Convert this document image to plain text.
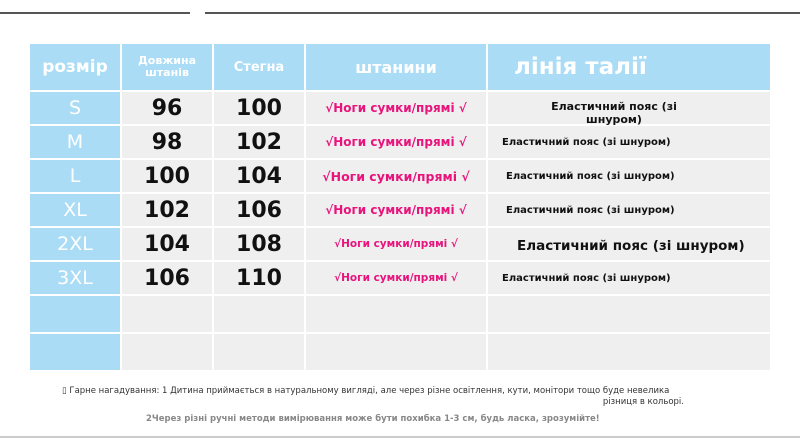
розмір	Довжина штанів	Стегна	штанини	лінія талії
S	96	100	√Ноги сумки/прямі √	Еластичний пояс (зі шнуром)
M	98	102	√Ноги сумки/прямі √	Еластичний пояс (зі шнуром)
L	100	104	√Ноги сумки/прямі √	Еластичний пояс (зі шнуром)
XL	102	106	√Ноги сумки/прямі √	Еластичний пояс (зі шнуром)
2XL	104	108	√Ноги сумки/прямі √	Еластичний пояс (зі шнуром)
3XL	106	110	√Ноги сумки/прямі √	Еластичний пояс (зі шнуром)
▯ Гарне нагадування: 1 Дитина приймається в натуральному вигляді, але через різне освітлення, кути, монітори тощо буде невелика
різниця в кольорі.
2Через різні ручні методи вимірювання може бути похибка 1-3 см, будь ласка, зрозумійте!
